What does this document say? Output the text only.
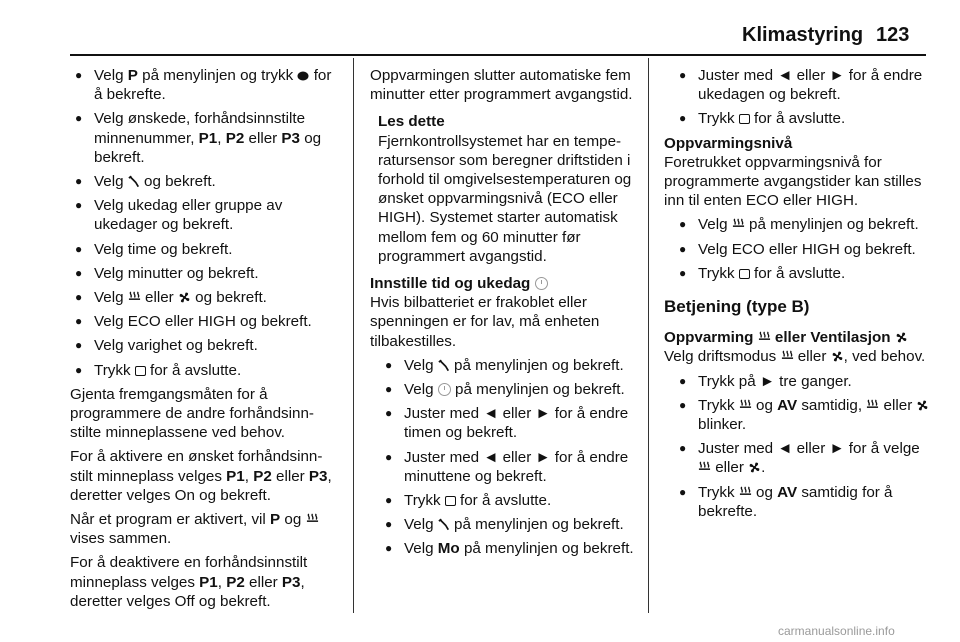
Klimastyring 123
● Velg P på menylinjen og trykk  for å bekrefte.
● Velg ønskede, forhåndsinnstilte minnenummer, P1, P2 eller P3 og bekreft.
● Velg  og bekreft.
● Velg ukedag eller gruppe av ukedager og bekreft.
● Velg time og bekreft.
● Velg minutter og bekreft.
● Velg  eller  og bekreft.
● Velg ECO eller HIGH og bekreft.
● Velg varighet og bekreft.
● Trykk  for å avslutte.

Gjenta fremgangsmåten for å programmere de andre forhåndsinnstilte minneplassene ved behov.

For å aktivere en ønsket forhåndsinnstilt minneplass velges P1, P2 eller P3, deretter velges On og bekreft.

Når et program er aktivert, vil P og  vises sammen.

For å deaktivere en forhåndsinnstilt minneplass velges P1, P2 eller P3, deretter velges Off og bekreft.

Oppvarmingen slutter automatiske fem minutter etter programmert avgangstid.

Les dette
Fjernkontrollsystemet har en temperatursensor som beregner driftstiden i forhold til omgivelsestemperaturen og ønsket oppvarmingsnivå (ECO eller HIGH). Systemet starter automatisk mellom fem og 60 minutter før programmert avgangstid.

Innstille tid og ukedag

Hvis bilbatteriet er frakoblet eller spenningen er for lav, må enheten tilbakestilles.

● Velg  på menylinjen og bekreft.
● Velg  på menylinjen og bekreft.
● Juster med ◄ eller ► for å endre timen og bekreft.
● Juster med ◄ eller ► for å endre minuttene og bekreft.
● Trykk  for å avslutte.
● Velg  på menylinjen og bekreft.
● Velg Mo på menylinjen og bekreft.
● Juster med ◄ eller ► for å endre ukedagen og bekreft.
● Trykk  for å avslutte.

Oppvarmingsnivå

Foretrukket oppvarmingsnivå for programmerte avgangstider kan stilles inn til enten ECO eller HIGH.

● Velg  på menylinjen og bekreft.
● Velg ECO eller HIGH og bekreft.
● Trykk  for å avslutte.
Betjening (type B)

Oppvarming  eller Ventilasjon

Velg driftsmodus  eller , ved behov.

● Trykk på ► tre ganger.
● Trykk  og AV samtidig,  eller  blinker.
● Juster med ◄ eller ► for å velge  eller .
● Trykk  og AV samtidig for å bekrefte.
carmanualsonline.info
